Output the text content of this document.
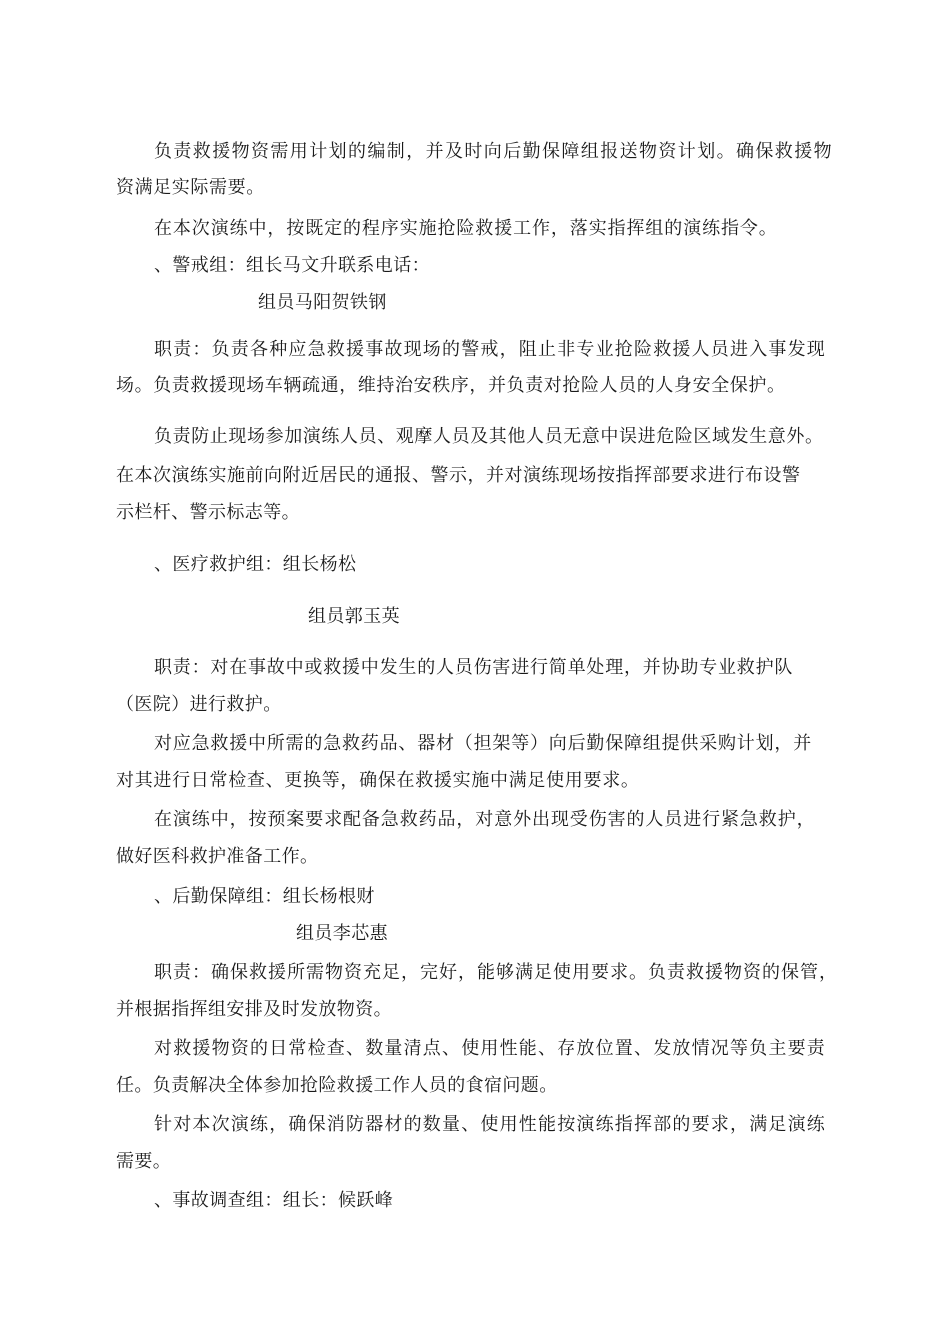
负责救援物资需用计划的编制，并及时向后勤保障组报送物资计划。确保救援物

资满足实际需要。

在本次演练中，按既定的程序实施抢险救援工作，落实指挥组的演练指令。

、警戒组：组长马文升联系电话：

组员马阳贺铁钢

职责：负责各种应急救援事故现场的警戒，阻止非专业抢险救援人员进入事发现

场。负责救援现场车辆疏通，维持治安秩序，并负责对抢险人员的人身安全保护。

负责防止现场参加演练人员、观摩人员及其他人员无意中误进危险区域发生意外。

在本次演练实施前向附近居民的通报、警示，并对演练现场按指挥部要求进行布设警

示栏杆、警示标志等。

、医疗救护组：组长杨松

组员郭玉英

职责：对在事故中或救援中发生的人员伤害进行简单处理，并协助专业救护队

（医院）进行救护。

对应急救援中所需的急救药品、器材（担架等）向后勤保障组提供采购计划，并

对其进行日常检查、更换等，确保在救援实施中满足使用要求。

在演练中，按预案要求配备急救药品，对意外出现受伤害的人员进行紧急救护，

做好医科救护准备工作。

、后勤保障组：组长杨根财

组员李芯惠

职责：确保救援所需物资充足，完好，能够满足使用要求。负责救援物资的保管，

并根据指挥组安排及时发放物资。

对救援物资的日常检查、数量清点、使用性能、存放位置、发放情况等负主要责

任。负责解决全体参加抢险救援工作人员的食宿问题。

针对本次演练，确保消防器材的数量、使用性能按演练指挥部的要求，满足演练

需要。

、事故调查组：组长：候跃峰
